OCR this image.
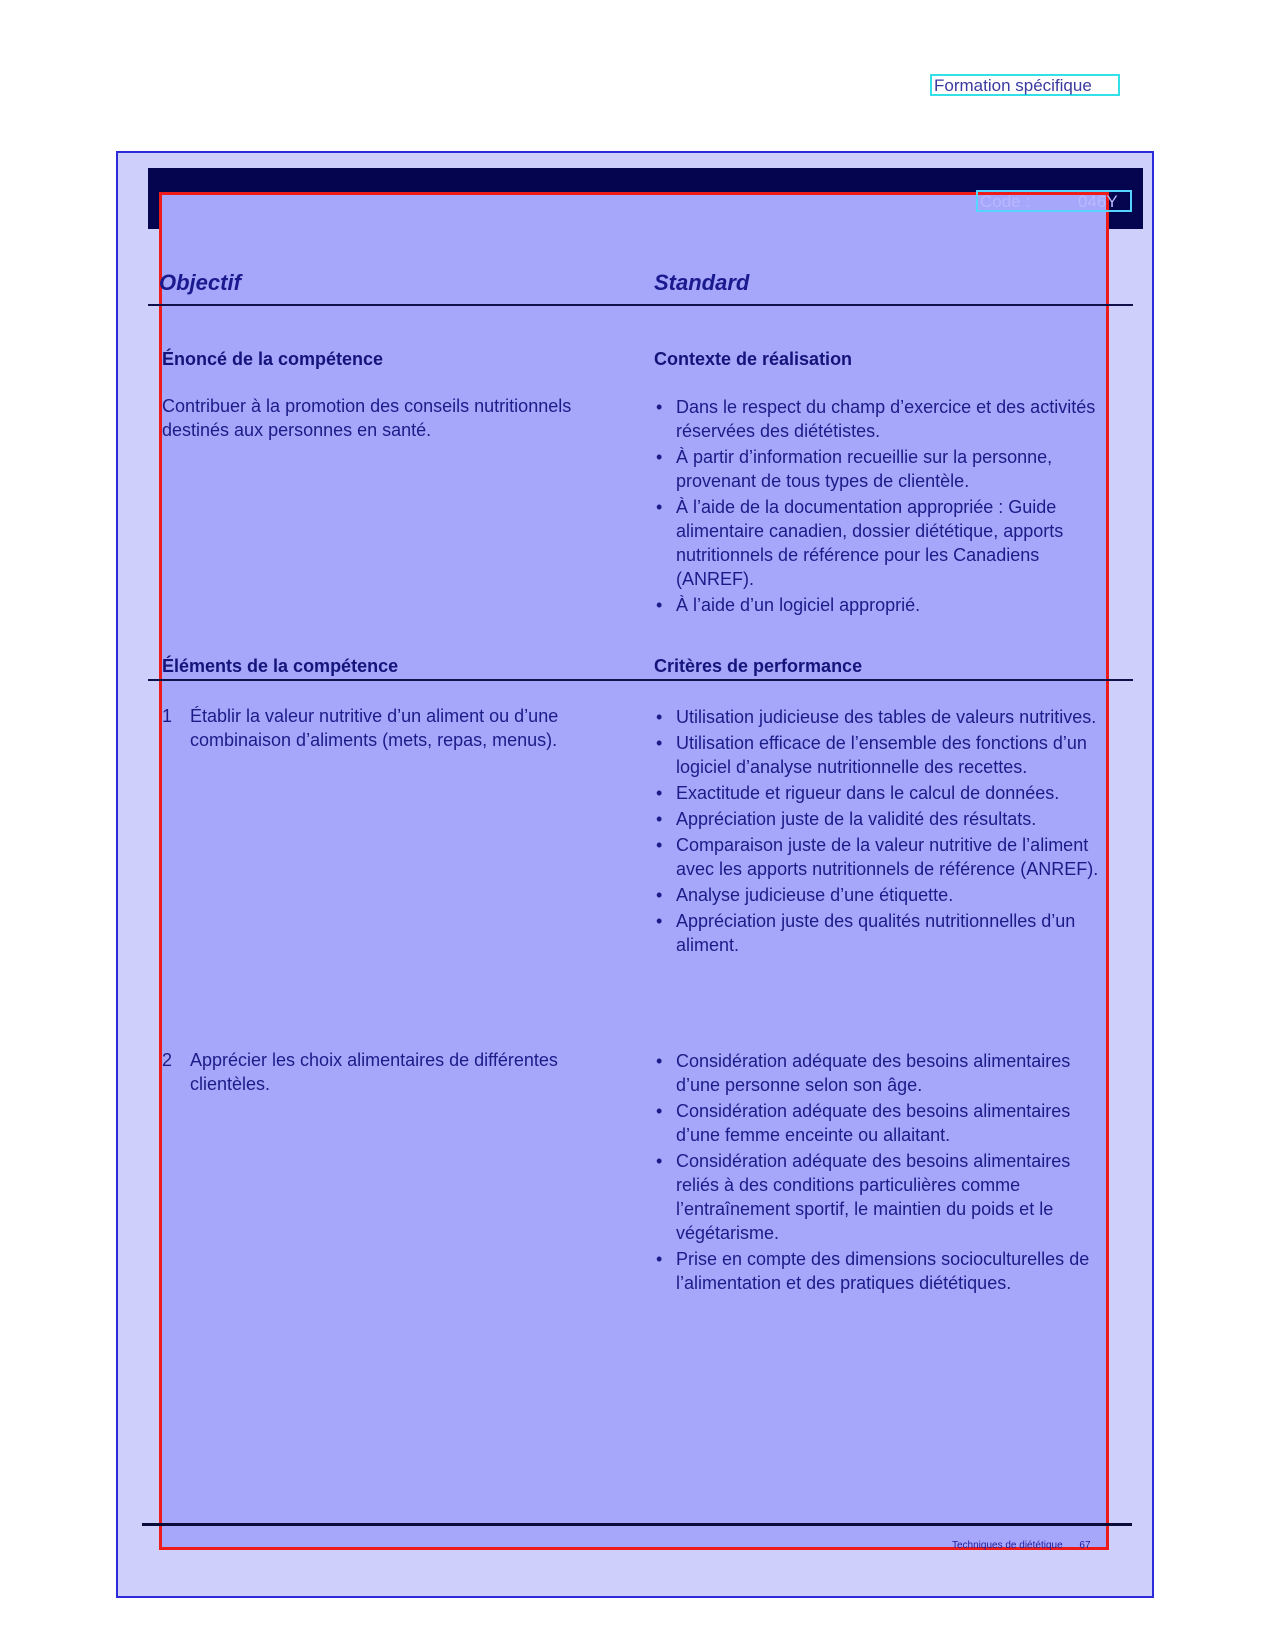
Formation spécifique
Code :	046Y
Objectif	Standard
Énoncé de la compétence	Contexte de réalisation
Contribuer à la promotion des conseils nutritionnels destinés aux personnes en santé.
• Dans le respect du champ d’exercice et des activités réservées des diététistes.
• À partir d’information recueillie sur la personne, provenant de tous types de clientèle.
• À l’aide de la documentation appropriée : Guide alimentaire canadien, dossier diététique, apports nutritionnels de référence pour les Canadiens (ANREF).
• À l’aide d’un logiciel approprié.
Éléments de la compétence	Critères de performance
1 Établir la valeur nutritive d’un aliment ou d’une combinaison d’aliments (mets, repas, menus).
• Utilisation judicieuse des tables de valeurs nutritives.
• Utilisation efficace de l’ensemble des fonctions d’un logiciel d’analyse nutritionnelle des recettes.
• Exactitude et rigueur dans le calcul de données.
• Appréciation juste de la validité des résultats.
• Comparaison juste de la valeur nutritive de l’aliment avec les apports nutritionnels de référence (ANREF).
• Analyse judicieuse d’une étiquette.
• Appréciation juste des qualités nutritionnelles d’un aliment.
2 Apprécier les choix alimentaires de différentes clientèles.
• Considération adéquate des besoins alimentaires d’une personne selon son âge.
• Considération adéquate des besoins alimentaires d’une femme enceinte ou allaitant.
• Considération adéquate des besoins alimentaires reliés à des conditions particulières comme l’entraînement sportif, le maintien du poids et le végétarisme.
• Prise en compte des dimensions socioculturelles de l’alimentation et des pratiques diététiques.
Techniques de diététique 67
